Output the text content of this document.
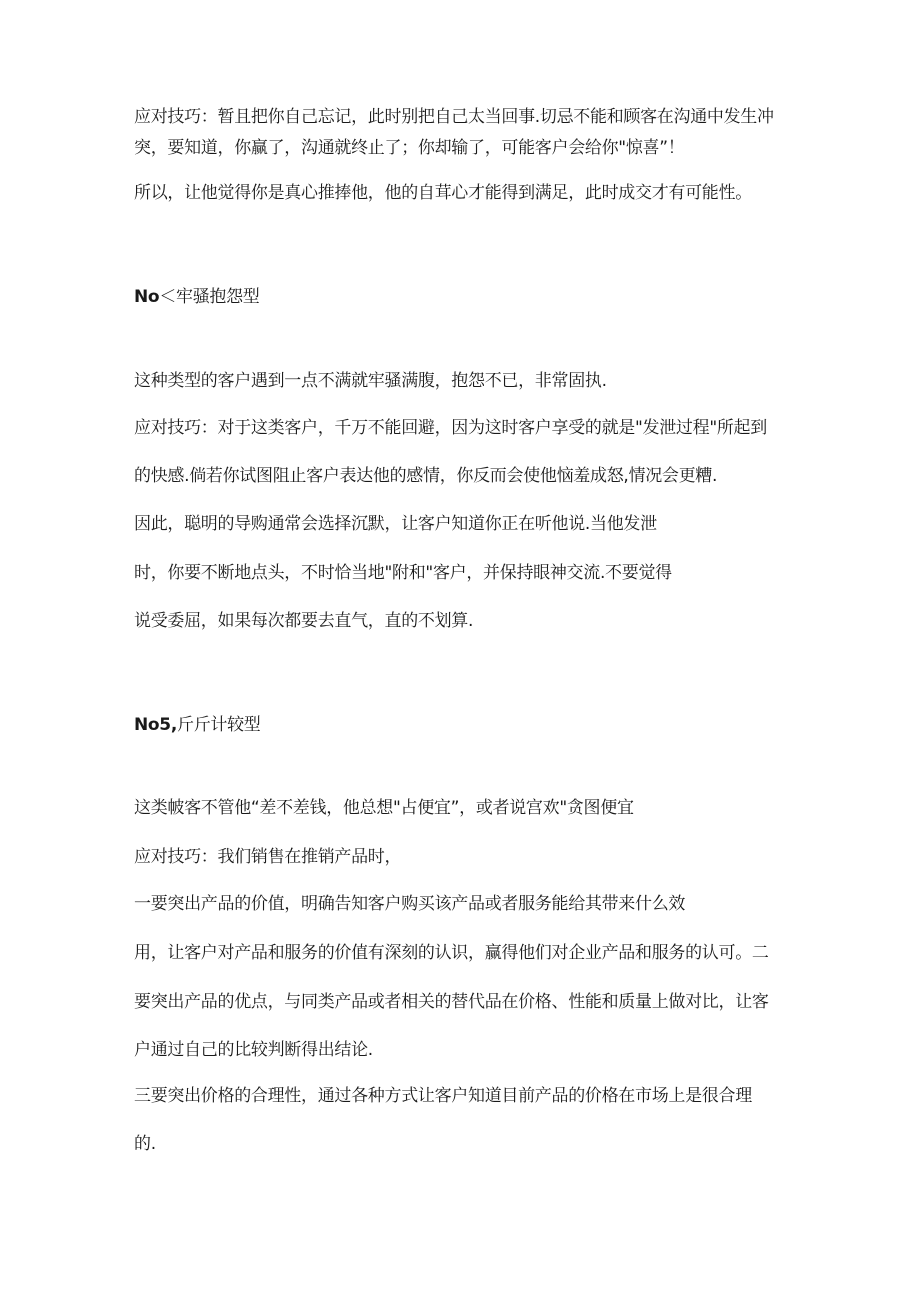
应对技巧：暂且把你自己忘记，此时别把自己太当回事.切忌不能和顾客在沟通中发生冲
突，要知道，你赢了，沟通就终止了；你却输了，可能客户会给你"惊喜”！
所以，让他觉得你是真心推捧他，他的自茸心才能得到满足，此时成交才有可能性。
No＜牢骚抱怨型
这种类型的客户遇到一点不满就牢骚满腹，抱怨不已，非常固执.
应对技巧：对于这类客户，千万不能回避，因为这时客户享受的就是"发泄过程"所起到
的快感.倘若你试图阻止客户表达他的感情，你反而会使他恼羞成怒,情况会更糟.
因此，聪明的导购通常会选择沉默，让客户知道你正在听他说.当他发泄
时，你要不断地点头，不时恰当地"附和"客户，并保持眼神交流.不要觉得
说受委屈，如果每次都要去直气，直的不划算.
No5,斤斤计较型
这类帔客不管他“差不差钱，他总想"占便宜”，或者说宫欢"贪图便宜
应对技巧：我们销售在推销产品时，
一要突出产品的价值，明确告知客户购买该产品或者服务能给其带来什么效
用，让客户对产品和服务的价值有深刻的认识，赢得他们对企业产品和服务的认可。二
要突出产品的优点，与同类产品或者相关的替代品在价格、性能和质量上做对比，让客
户通过自己的比较判断得出结论.
三要突出价格的合理性，通过各种方式让客户知道目前产品的价格在市场上是很合理
的.
